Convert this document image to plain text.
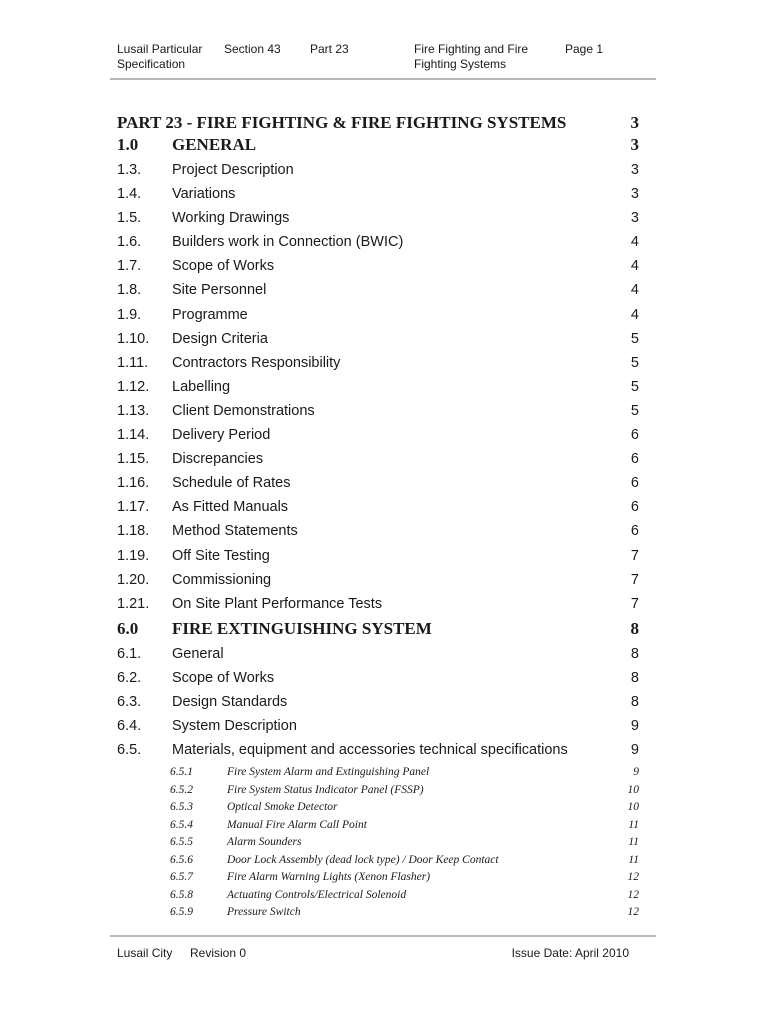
Lusail Particular
Specification
Section 43 Part 23	Fire Fighting and Fire
Fighting Systems
Page 1
PART 23 - FIRE FIGHTING & FIRE FIGHTING SYSTEMS	3
1.0 GENERAL	3
1.3. Project Description	3
1.4. Variations	3
1.5. Working Drawings	3
1.6. Builders work in Connection (BWIC)	4
1.7. Scope of Works	4
1.8. Site Personnel	4
1.9. Programme	4
1.10. Design Criteria	5
1.11. Contractors Responsibility	5
1.12. Labelling	5
1.13. Client Demonstrations	5
1.14. Delivery Period	6
1.15. Discrepancies	6
1.16. Schedule of Rates	6
1.17. As Fitted Manuals	6
1.18. Method Statements	6
1.19. Off Site Testing	7
1.20. Commissioning	7
1.21. On Site Plant Performance Tests	7
6.0 FIRE EXTINGUISHING SYSTEM	8
6.1. General	8
6.2. Scope of Works	8
6.3. Design Standards	8
6.4. System Description	9
6.5. Materials, equipment and accessories technical specifications	9
6.5.1	Fire System Alarm and Extinguishing Panel	9
6.5.2	Fire System Status Indicator Panel (FSSP)	10
6.5.3	Optical Smoke Detector	10
6.5.4	Manual Fire Alarm Call Point	11
6.5.5	Alarm Sounders	11
6.5.6	Door Lock Assembly (dead lock type) / Door Keep Contact	11
6.5.7	Fire Alarm Warning Lights (Xenon Flasher)	12
6.5.8	Actuating Controls/Electrical Solenoid	12
6.5.9	Pressure Switch	12
Lusail City Revision 0	Issue Date: April 2010
